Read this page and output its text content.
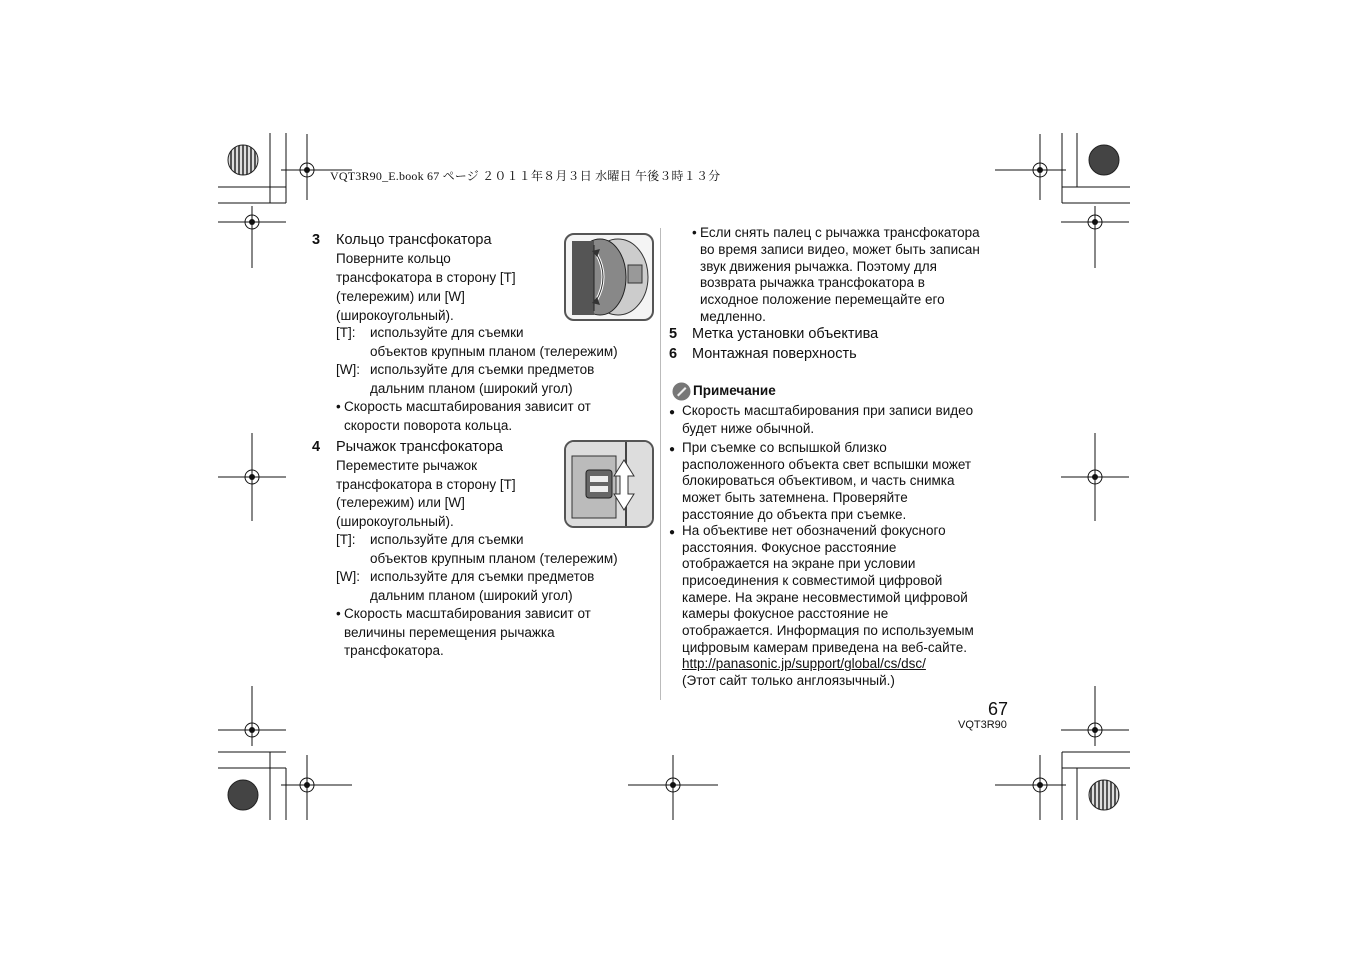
VQT3R90_E.book 67 ページ ２０１１年８月３日 水曜日 午後３時１３分
3 Кольцо трансфокатора
Поверните кольцо
трансфокатора в сторону [T]
(телережим) или [W]
(широкоугольный).
[T]: используйте для съемки
объектов крупным планом (телережим)
[W]: используйте для съемки предметов
дальним планом (широкий угол)
• Скорость масштабирования зависит от
скорости поворота кольца.
4 Рычажок трансфокатора
Переместите рычажок
трансфокатора в сторону [T]
(телережим) или [W]
(широкоугольный).
[T]: используйте для съемки
объектов крупным планом (телережим)
[W]: используйте для съемки предметов
дальним планом (широкий угол)
• Скорость масштабирования зависит от
величины перемещения рычажка
трансфокатора.
• Если снять палец с рычажка трансфокатора
во время записи видео, может быть записан
звук движения рычажка. Поэтому для
возврата рычажка трансфокатора в
исходное положение перемещайте его
медленно.
5 Метка установки объектива
6 Монтажная поверхность
Примечание
● Скорость масштабирования при записи видео
будет ниже обычной.
● При съемке со вспышкой близко
расположенного объекта свет вспышки может
блокироваться объективом, и часть снимка
может быть затемнена. Проверяйте
расстояние до объекта при съемке.
● На объективе нет обозначений фокусного
расстояния. Фокусное расстояние
отображается на экране при условии
присоединения к совместимой цифровой
камере. На экране несовместимой цифровой
камеры фокусное расстояние не
отображается. Информация по используемым
цифровым камерам приведена на веб-сайте.
http://panasonic.jp/support/global/cs/dsc/
(Этот сайт только англоязычный.)
67
VQT3R90
